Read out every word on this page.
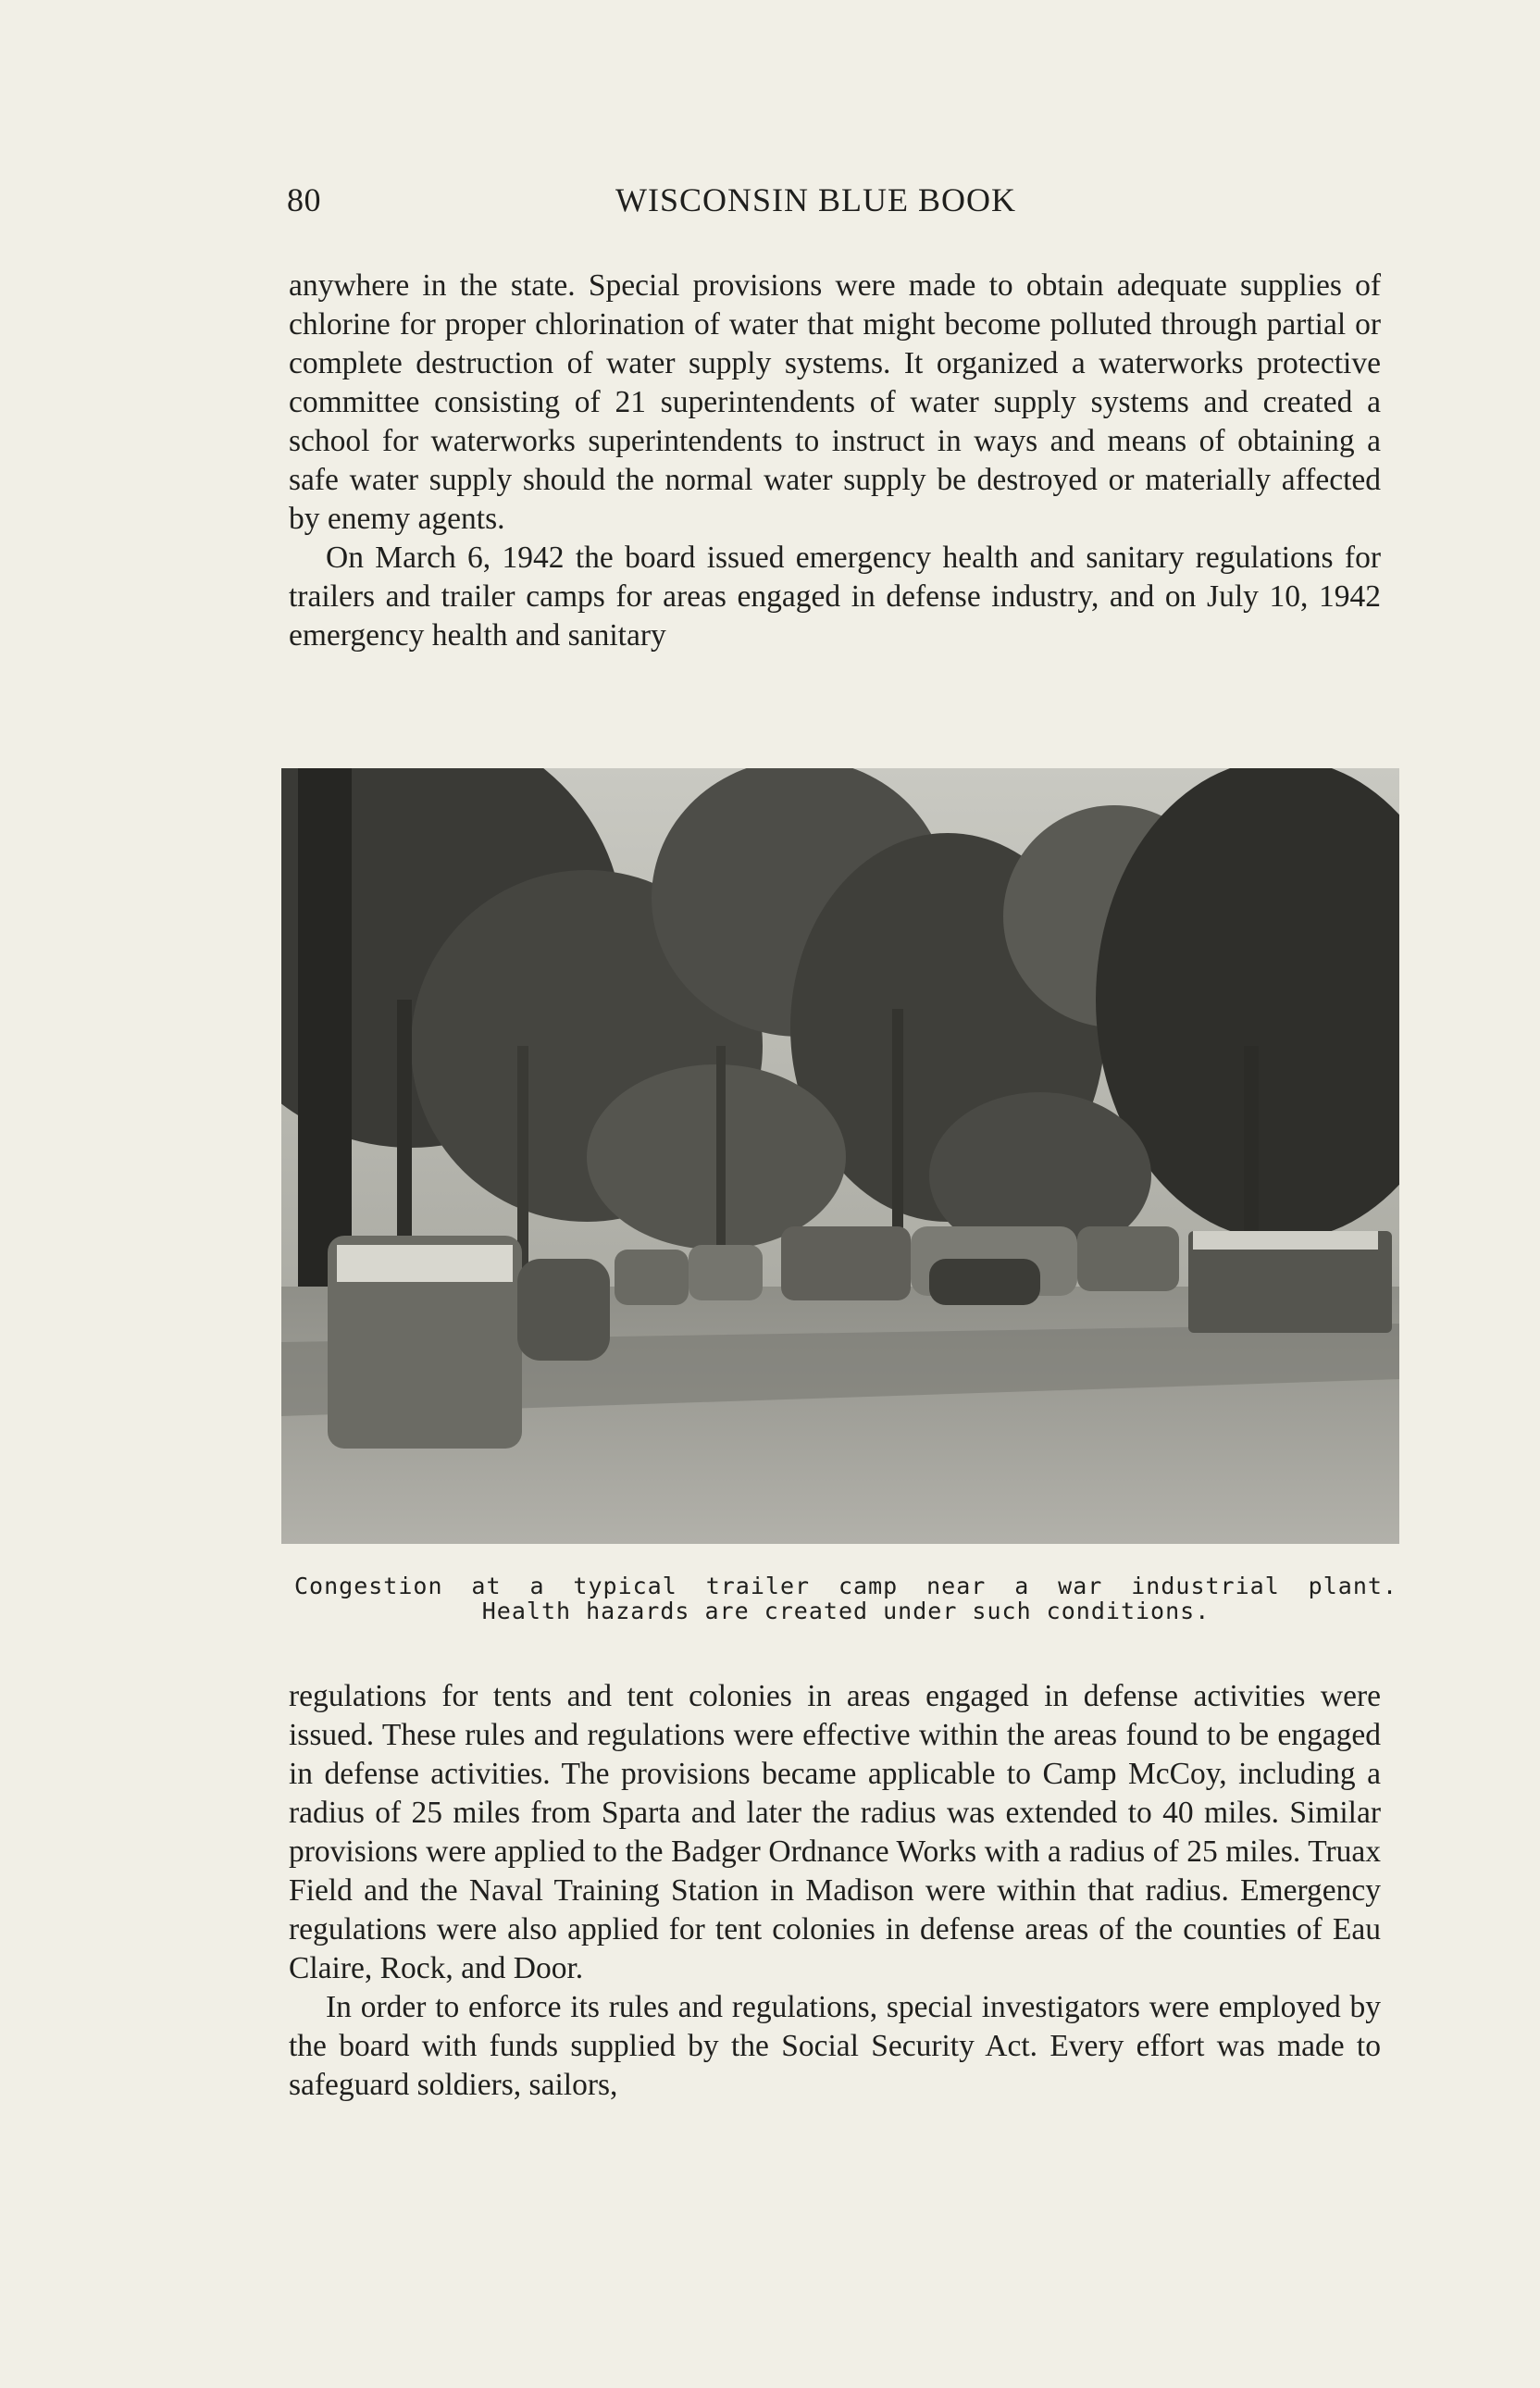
80	WISCONSIN BLUE BOOK

anywhere in the state. Special provisions were made to obtain adequate supplies of chlorine for proper chlorination of water that might become polluted through partial or complete destruction of water supply systems. It organized a waterworks protective committee consisting of 21 superintendents of water supply systems and created a school for waterworks superintendents to instruct in ways and means of obtaining a safe water supply should the normal water supply be destroyed or materially affected by enemy agents.

On March 6, 1942 the board issued emergency health and sanitary regulations for trailers and trailer camps for areas engaged in defense industry, and on July 10, 1942 emergency health and sanitary

Congestion at a typical trailer camp near a war industrial plant.
Health hazards are created under such conditions.

regulations for tents and tent colonies in areas engaged in defense activities were issued. These rules and regulations were effective within the areas found to be engaged in defense activities. The provisions became applicable to Camp McCoy, including a radius of 25 miles from Sparta and later the radius was extended to 40 miles. Similar provisions were applied to the Badger Ordnance Works with a radius of 25 miles. Truax Field and the Naval Training Station in Madison were within that radius. Emergency regulations were also applied for tent colonies in defense areas of the counties of Eau Claire, Rock, and Door.

In order to enforce its rules and regulations, special investigators were employed by the board with funds supplied by the Social Security Act. Every effort was made to safeguard soldiers, sailors,
